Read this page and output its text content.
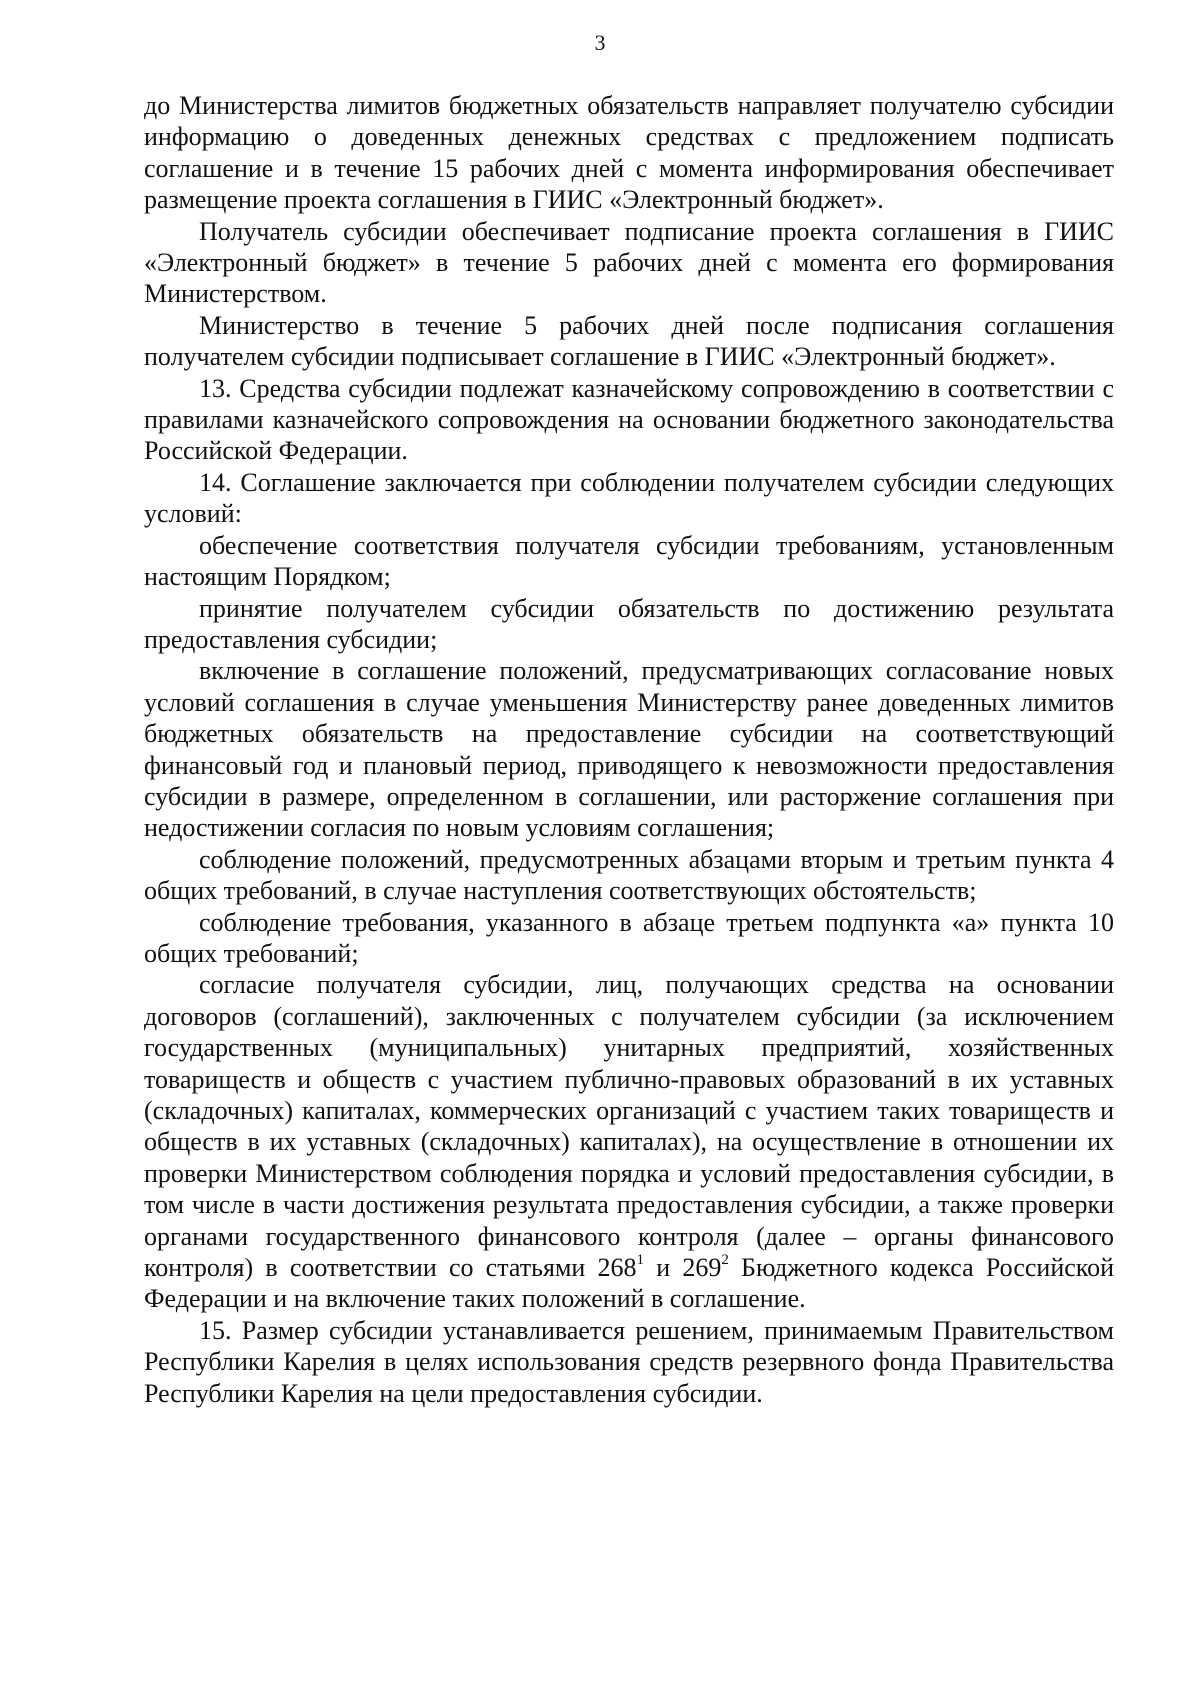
3

до Министерства лимитов бюджетных обязательств направляет получателю субсидии информацию о доведенных денежных средствах с предложением подписать соглашение и в течение 15 рабочих дней с момента информирования обеспечивает размещение проекта соглашения в ГИИС «Электронный бюджет».

Получатель субсидии обеспечивает подписание проекта соглашения в ГИИС «Электронный бюджет» в течение 5 рабочих дней с момента его формирования Министерством.

Министерство в течение 5 рабочих дней после подписания соглашения получателем субсидии подписывает соглашение в ГИИС «Электронный бюджет».

13. Средства субсидии подлежат казначейскому сопровождению в соответствии с правилами казначейского сопровождения на основании бюджетного законодательства Российской Федерации.

14. Соглашение заключается при соблюдении получателем субсидии следующих условий:

обеспечение соответствия получателя субсидии требованиям, установленным настоящим Порядком;

принятие получателем субсидии обязательств по достижению результата предоставления субсидии;

включение в соглашение положений, предусматривающих согласование новых условий соглашения в случае уменьшения Министерству ранее доведенных лимитов бюджетных обязательств на предоставление субсидии на соответствующий финансовый год и плановый период, приводящего к невозможности предоставления субсидии в размере, определенном в соглашении, или расторжение соглашения при недостижении согласия по новым условиям соглашения;

соблюдение положений, предусмотренных абзацами вторым и третьим пункта 4 общих требований, в случае наступления соответствующих обстоятельств;

соблюдение требования, указанного в абзаце третьем подпункта «а» пункта 10 общих требований;

согласие получателя субсидии, лиц, получающих средства на основании договоров (соглашений), заключенных с получателем субсидии (за исключением государственных (муниципальных) унитарных предприятий, хозяйственных товариществ и обществ с участием публично-правовых образований в их уставных (складочных) капиталах, коммерческих организаций с участием таких товариществ и обществ в их уставных (складочных) капиталах), на осуществление в отношении их проверки Министерством соблюдения порядка и условий предоставления субсидии, в том числе в части достижения результата предоставления субсидии, а также проверки органами государственного финансового контроля (далее – органы финансового контроля) в соответствии со статьями $268^1$ и $269^2$ Бюджетного кодекса Российской Федерации и на включение таких положений в соглашение.

15. Размер субсидии устанавливается решением, принимаемым Правительством Республики Карелия в целях использования средств резервного фонда Правительства Республики Карелия на цели предоставления субсидии.
